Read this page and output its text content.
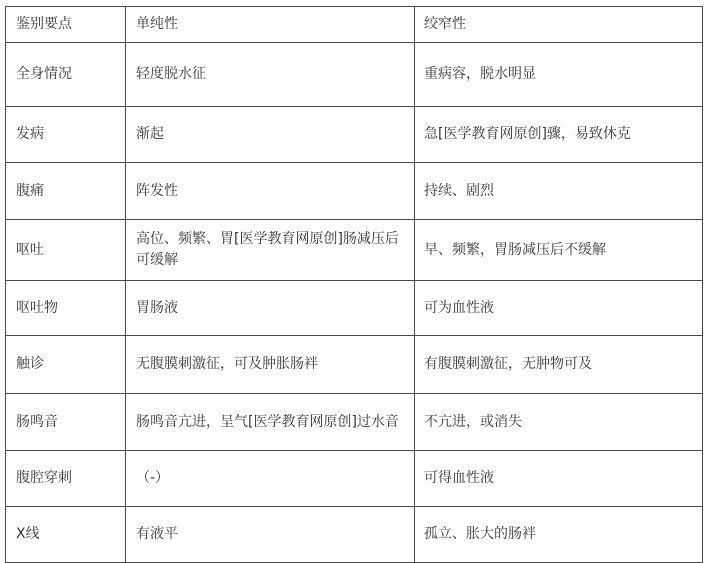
鉴别要点	单纯性	绞窄性
全身情况	轻度脱水征	重病容，脱水明显
发病	渐起	急[医学教育网原创]骤，易致休克
腹痛	阵发性	持续、剧烈
呕吐	高位、频繁、胃[医学教育网原创]肠减压后可缓解	早、频繁，胃肠减压后不缓解
呕吐物	胃肠液	可为血性液
触诊	无腹膜刺激征，可及肿胀肠袢	有腹膜刺激征，无肿物可及
肠鸣音	肠鸣音亢进，呈气[医学教育网原创]过水音	不亢进，或消失
腹腔穿刺	（-）	可得血性液
X线	有液平	孤立、胀大的肠袢
